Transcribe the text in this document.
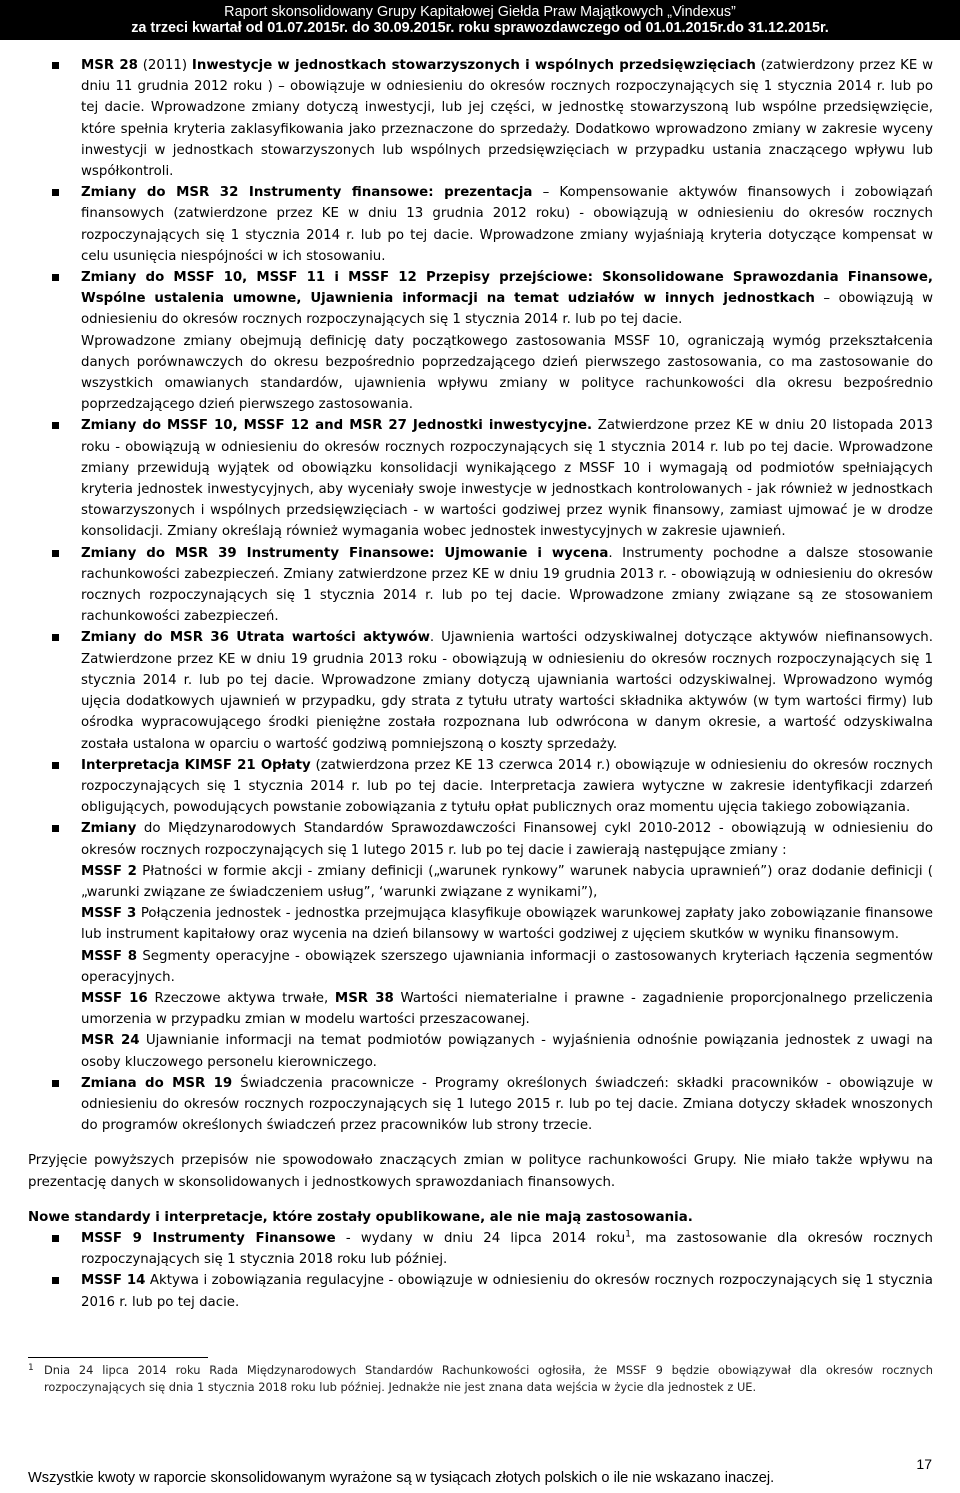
Raport skonsolidowany Grupy Kapitałowej Giełda Praw Majątkowych „Vindexus”
za trzeci kwartał od 01.07.2015r. do 30.09.2015r. roku sprawozdawczego od 01.01.2015r.do 31.12.2015r.
MSR 28 (2011) Inwestycje w jednostkach stowarzyszonych i wspólnych przedsięwzięciach (zatwierdzony przez KE w dniu 11 grudnia 2012 roku ) – obowiązuje w odniesieniu do okresów rocznych rozpoczynających się 1 stycznia 2014 r. lub po tej dacie. Wprowadzone zmiany dotyczą inwestycji, lub jej części, w jednostkę stowarzyszoną lub wspólne przedsięwzięcie, które spełnia kryteria zaklasyfikowania jako przeznaczone do sprzedaży. Dodatkowo wprowadzono zmiany w zakresie wyceny inwestycji w jednostkach stowarzyszonych lub wspólnych przedsięwzięciach w przypadku ustania znaczącego wpływu lub współkontroli.
Zmiany do MSR 32 Instrumenty finansowe: prezentacja – Kompensowanie aktywów finansowych i zobowiązań finansowych (zatwierdzone przez KE w dniu 13 grudnia 2012 roku) - obowiązują w odniesieniu do okresów rocznych rozpoczynających się 1 stycznia 2014 r. lub po tej dacie. Wprowadzone zmiany wyjaśniają kryteria dotyczące kompensat w celu usunięcia niespójności w ich stosowaniu.
Zmiany do MSSF 10, MSSF 11 i MSSF 12 Przepisy przejściowe: Skonsolidowane Sprawozdania Finansowe, Wspólne ustalenia umowne, Ujawnienia informacji na temat udziałów w innych jednostkach – obowiązują w odniesieniu do okresów rocznych rozpoczynających się 1 stycznia 2014 r. lub po tej dacie.
Wprowadzone zmiany obejmują definicję daty początkowego zastosowania MSSF 10, ograniczają wymóg przekształcenia danych porównawczych do okresu bezpośrednio poprzedzającego dzień pierwszego zastosowania, co ma zastosowanie do wszystkich omawianych standardów, ujawnienia wpływu zmiany w polityce rachunkowości dla okresu bezpośrednio poprzedzającego dzień pierwszego zastosowania.
Zmiany do MSSF 10, MSSF 12 and MSR 27 Jednostki inwestycyjne. Zatwierdzone przez KE w dniu 20 listopada 2013 roku - obowiązują w odniesieniu do okresów rocznych rozpoczynających się 1 stycznia 2014 r. lub po tej dacie. Wprowadzone zmiany przewidują wyjątek od obowiązku konsolidacji wynikającego z MSSF 10 i wymagają od podmiotów spełniających kryteria jednostek inwestycyjnych, aby wyceniały swoje inwestycje w jednostkach kontrolowanych - jak również w jednostkach stowarzyszonych i wspólnych przedsięwzięciach - w wartości godziwej przez wynik finansowy, zamiast ujmować je w drodze konsolidacji. Zmiany określają również wymagania wobec jednostek inwestycyjnych w zakresie ujawnień.
Zmiany do MSR 39 Instrumenty Finansowe: Ujmowanie i wycena. Instrumenty pochodne a dalsze stosowanie rachunkowości zabezpieczeń. Zmiany zatwierdzone przez KE w dniu 19 grudnia 2013 r. - obowiązują w odniesieniu do okresów rocznych rozpoczynających się 1 stycznia 2014 r. lub po tej dacie. Wprowadzone zmiany związane są ze stosowaniem rachunkowości zabezpieczeń.
Zmiany do MSR 36 Utrata wartości aktywów. Ujawnienia wartości odzyskiwalnej dotyczące aktywów niefinansowych. Zatwierdzone przez KE w dniu 19 grudnia 2013 roku - obowiązują w odniesieniu do okresów rocznych rozpoczynających się 1 stycznia 2014 r. lub po tej dacie. Wprowadzone zmiany dotyczą ujawniania wartości odzyskiwalnej. Wprowadzono wymóg ujęcia dodatkowych ujawnień w przypadku, gdy strata z tytułu utraty wartości składnika aktywów (w tym wartości firmy) lub ośrodka wypracowującego środki pieniężne została rozpoznana lub odwrócona w danym okresie, a wartość odzyskiwalna została ustalona w oparciu o wartość godziwą pomniejszoną o koszty sprzedaży.
Interpretacja KIMSF 21 Opłaty (zatwierdzona przez KE 13 czerwca 2014 r.) obowiązuje w odniesieniu do okresów rocznych rozpoczynających się 1 stycznia 2014 r. lub po tej dacie. Interpretacja zawiera wytyczne w zakresie identyfikacji zdarzeń obligujących, powodujących powstanie zobowiązania z tytułu opłat publicznych oraz momentu ujęcia takiego zobowiązania.
Zmiany do Międzynarodowych Standardów Sprawozdawczości Finansowej cykl 2010-2012 - obowiązują w odniesieniu do okresów rocznych rozpoczynających się 1 lutego 2015 r. lub po tej dacie i zawierają następujące zmiany :
MSSF 2 Płatności w formie akcji - zmiany definicji („warunek rynkowy” warunek nabycia uprawnień”) oraz dodanie definicji ( „warunki związane ze świadczeniem usług”, ‘warunki związane z wynikami”),
MSSF 3 Połączenia jednostek - jednostka przejmująca klasyfikuje obowiązek warunkowej zapłaty jako zobowiązanie finansowe lub instrument kapitałowy oraz wycenia na dzień bilansowy w wartości godziwej z ujęciem skutków w wyniku finansowym.
MSSF 8 Segmenty operacyjne - obowiązek szerszego ujawniania informacji o zastosowanych kryteriach łączenia segmentów operacyjnych.
MSSF 16 Rzeczowe aktywa trwałe, MSR 38 Wartości niematerialne i prawne - zagadnienie proporcjonalnego przeliczenia umorzenia w przypadku zmian w modelu wartości przeszacowanej.
MSR 24 Ujawnianie informacji na temat podmiotów powiązanych - wyjaśnienia odnośnie powiązania jednostek z uwagi na osoby kluczowego personelu kierowniczego.
Zmiana do MSR 19 Świadczenia pracownicze - Programy określonych świadczeń: składki pracowników - obowiązuje w odniesieniu do okresów rocznych rozpoczynających się 1 lutego 2015 r. lub po tej dacie. Zmiana dotyczy składek wnoszonych do programów określonych świadczeń przez pracowników lub strony trzecie.

Przyjęcie powyższych przepisów nie spowodowało znaczących zmian w polityce rachunkowości Grupy. Nie miało także wpływu na prezentację danych w skonsolidowanych i jednostkowych sprawozdaniach finansowych.

Nowe standardy i interpretacje, które zostały opublikowane, ale nie mają zastosowania.

MSSF 9 Instrumenty Finansowe - wydany w dniu 24 lipca 2014 roku$^1$, ma zastosowanie dla okresów rocznych rozpoczynających się 1 stycznia 2018 roku lub później.
MSSF 14 Aktywa i zobowiązania regulacyjne - obowiązuje w odniesieniu do okresów rocznych rozpoczynających się 1 stycznia 2016 r. lub po tej dacie.
1 Dnia 24 lipca 2014 roku Rada Międzynarodowych Standardów Rachunkowości ogłosiła, że MSSF 9 będzie obowiązywał dla okresów rocznych rozpoczynających się dnia 1 stycznia 2018 roku lub później. Jednakże nie jest znana data wejścia w życie dla jednostek z UE.
17
Wszystkie kwoty w raporcie skonsolidowanym wyrażone są w tysiącach złotych polskich o ile nie wskazano inaczej.
